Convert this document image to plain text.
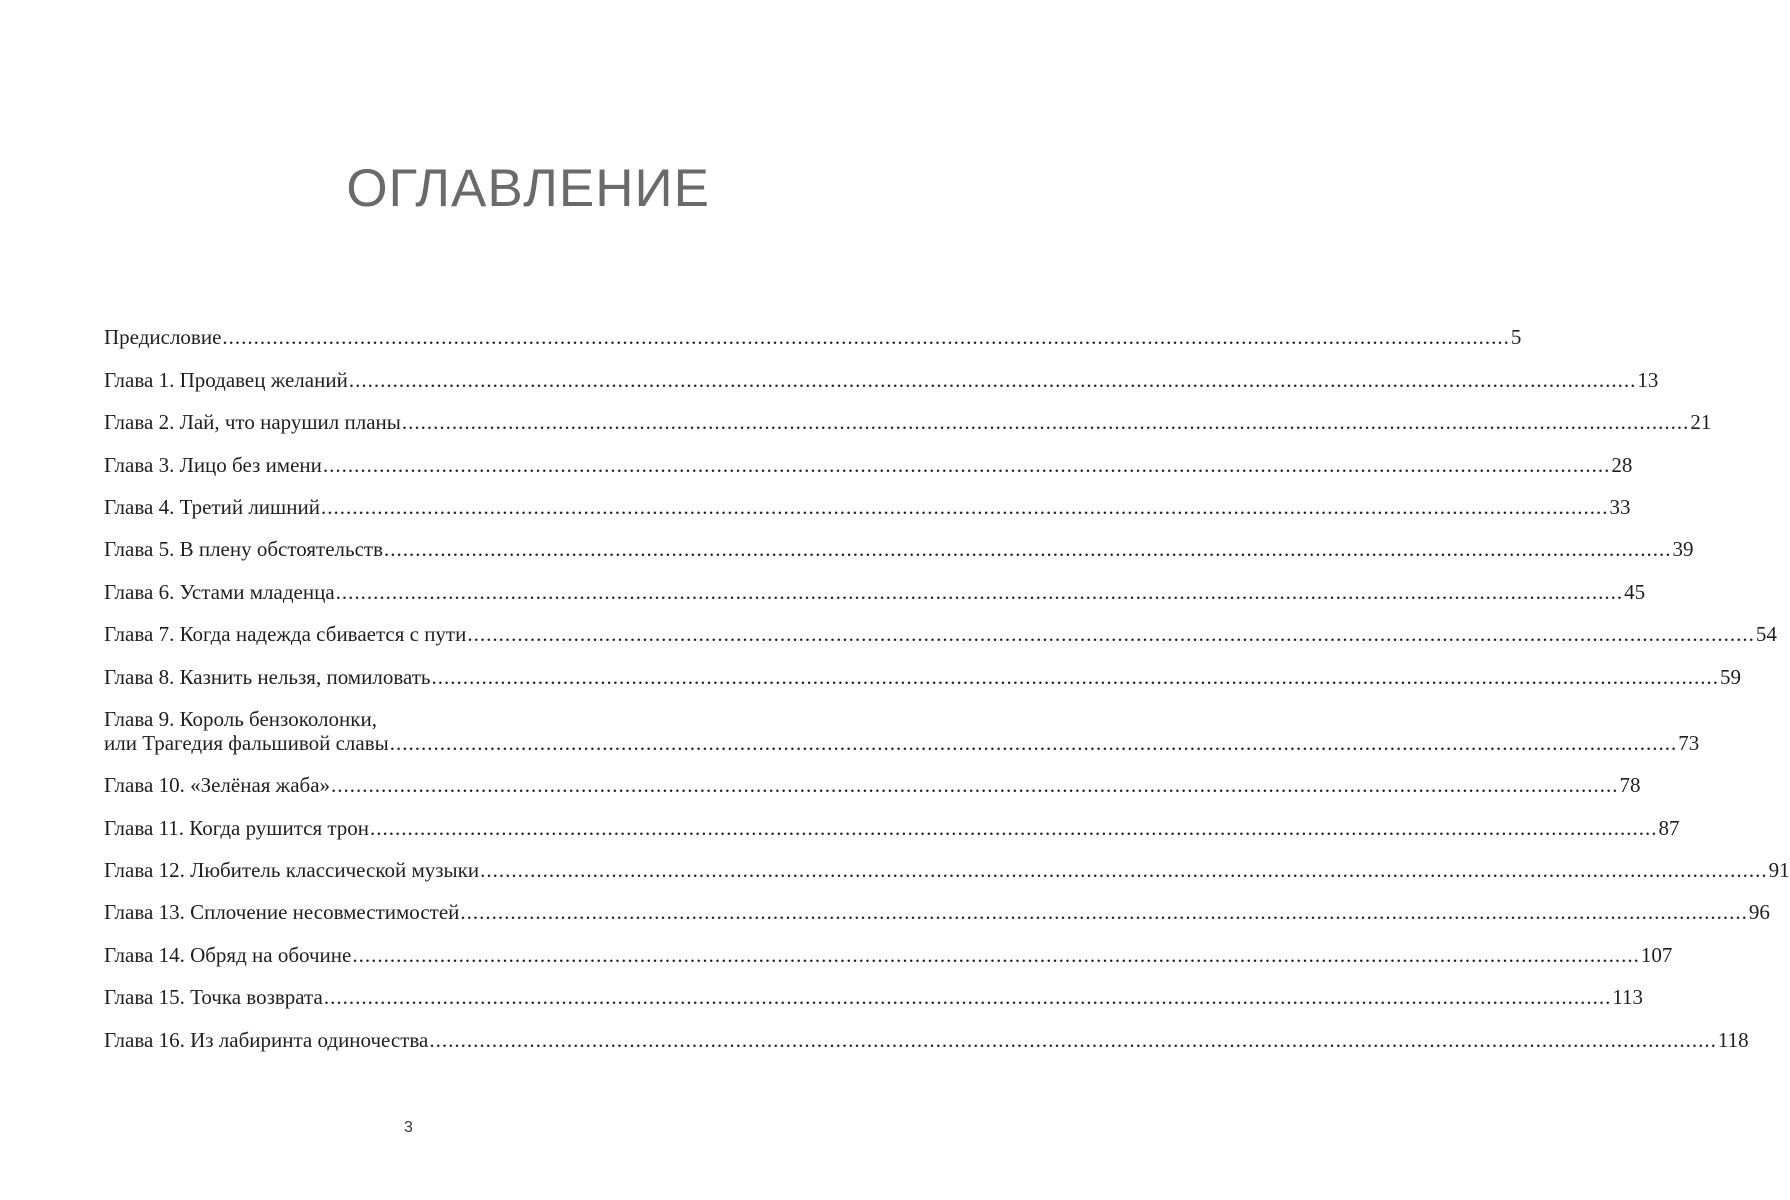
ОГЛАВЛЕНИЕ
Предисловие .....	5
Глава 1. Продавец желаний .....	13
Глава 2. Лай, что нарушил планы .....	21
Глава 3. Лицо без имени .....	28
Глава 4. Третий лишний .....	33
Глава 5. В плену обстоятельств .....	39
Глава 6. Устами младенца .....	45
Глава 7. Когда надежда сбивается с пути .....	54
Глава 8. Казнить нельзя, помиловать .....	59
Глава 9. Король бензоколонки,
или Трагедия фальшивой славы .....	73
Глава 10. «Зелёная жаба» .....	78
Глава 11. Когда рушится трон .....	87
Глава 12. Любитель классической музыки .....	91
Глава 13. Сплочение несовместимостей .....	96
Глава 14. Обряд на обочине .....	107
Глава 15. Точка возврата .....	113
Глава 16. Из лабиринта одиночества .....	118
3
